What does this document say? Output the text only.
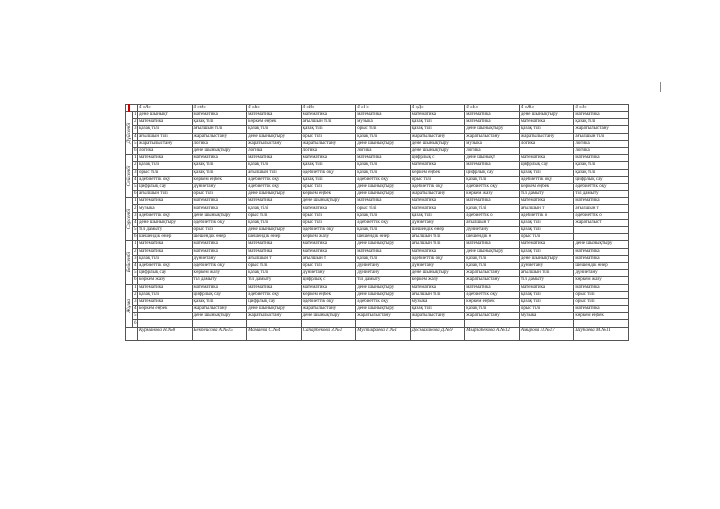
		4 «А»	4 «Ә»	4 «Б»	4 «В»	4 «Г»	4 «Д»	4 «Е»	4 «Ж»	4 «З»

Дүйсенбі	1	дене шынықт	математика	математика	математика	математика	математика	математика	дене шынықтыру	математика
	2	математика	қазақ тілі	көркем еңбек	ағылшын тілі	музыка	қазақ тілі	математика	математика	қазақ тілі
	3	қазақ тілі	ағылшын тілі	қазақ тілі	қазақ тілі	орыс тілі	қазақ тілі	дене шынықтыру	қазақ тілі	жаратылыстану
	4	ағылшын тілі	жаратылыстану	дене шынықтыру	орыс тілі	қазақ тілі	жаратылыстану	жаратылыстану	жаратылыстану	ағылшын тілі
	5	жаратылыстану	логика	жаратылыстану	жаратылыстану	дене шынықтыру	дене шынықтыру	музыка	логика	логика
	6	логика	дене шынықтыру	логика	логика	логика	дене шынықтыру	логика		логика

Сейсенбі	1	математика	математика	математика	математика	математика	цифрлық с	дене шынықт	математика	математика
	2	қазақ тілі	қазақ тілі	қазақ тілі	қазақ тілі	қазақ тілі	математика	математика	цифрлық сау	қазақ тілі
	3	орыс тілі	қазақ тілі	ағылшын тілі	әдебиеттік оқу	қазақ тілі	көркем еңбек	цифрлық сау	қазақ тілі	қазақ тілі
	4	әдебиеттік оқу	көркем еңбек	әдебиеттік оқу	қазақ тілі	әдебиеттік оқу	орыс тілі	қазақ тілі	әдебиеттік оқу	цифрлық сау
	5	цифрлық сау	дүниетану	әдебиеттік оқу	орыс тілі	дене шынықтыру	әдебиеттік оқу	әдебиеттік оқу	көркем еңбек	әдебиеттік оқу
	6	ағылшын тілі	орыс тілі	дене шынықтыру	көркем еңбек	дене шынықтыру	жаратылыстану	көркем жазу	тіл дамыту	тіл дамыту

Сәрсенбі	1	математика	математика	математика	дене шынықтыру	математика	математика	математика	математика	математика
	2	музыка	математика	қазақ тілі	математика	орыс тілі	математика	қазақ тілі	ағылшын т	ағылшын т
	3	әдебиеттік оқу	дене шынықтыру	орыс тілі	орыс тілі	қазақ тілі	қазақ тілі	әдебиеттік о	әдебиеттік о	әдебиеттік о
	4	дене шынықтыру	әдебиеттік оқу	қазақ тілі	орыс тілі	әдебиеттік оқу	дүниетану	ағылшын т	қазақ тілі	жаратылыст
	5	тіл дамыту	орыс тілі	дене шынықтыру	әдебиеттік оқу	қазақ тілі	шешендік өнер	дүниетану	қазақ тілі	
	6	шешендік өнер	шешендік өнер	шешендік өнер	көркем жазу	шешендік өнер	ағылшын тілі	шешендік ө	орыс тілі	

Бейсенбі	1	математика	математика	математика	математика	дене шынықтыру	ағылшын тілі	математика	математика	дене шынықтыру
	2	математика	математика	математика	математика	математика	математика	дене шынықтыру	қазақ тілі	математика
	3	қазақ тілі	дүниетану	ағылшын т	ағылшын т	қазақ тілі	әдебиеттік оқу	қазақ тілі	дене шынықтыру	математика
	4	әдебиеттік оқу	әдебиеттік оқу	орыс тілі	орыс тілі	дүниетану	дүниетану	қазақ тілі	дүниетану	шешендік өнер
	5	цифрлық сау	көркем жазу	қазақ тілі	дүниетану	дүниетану	дене шынықтыру	жаратылыстану	ағылшын тілі	дүниетану
	6	көркем жазу	тіл дамыту	тіл дамыту	цифрлық с	тіл дамыту	көркем жазу	жаратылыстану	тіл дамыту	көркем жазу

Жұма	1	математика	математика	математика	математика	дене шынықтыру	математика	математика	математика	математика
	2	қазақ тілі	цифрлық сау	әдебиеттік оқу	көркем еңбек	дене шынықтыру	ағылшын тілі	әдебиеттік оқу	қазақ тілі	орыс тілі
	3	математика	қазақ тілі	цифрлық сау	әдебиеттік оқу	әдебиеттік оқу	музыка	көркем еңбек	қазақ тілі	орыс тілі
	4	көркем еңбек	жаратылыстану	дене шынықтыру	жаратылыстану	дене шынықтыру	қазақ тілі	қазақ тілі	орыс тілі	математика
	5		дене шынықтыру	жаратылыстану	дене шынықтыру	жаратылыстану	жаратылыстану	жаратылыстану	музыка	көркем еңбек
	6									
		Курманова Н.№8	Бекпеисова А.№15	Мамаева С.№4	Сапарбекова З.№1	Мустафаева Г.№1	Досмаханова Д.№9	Мырзабекова А.№12	Амирова Л.№17	Шубаева М.№11
